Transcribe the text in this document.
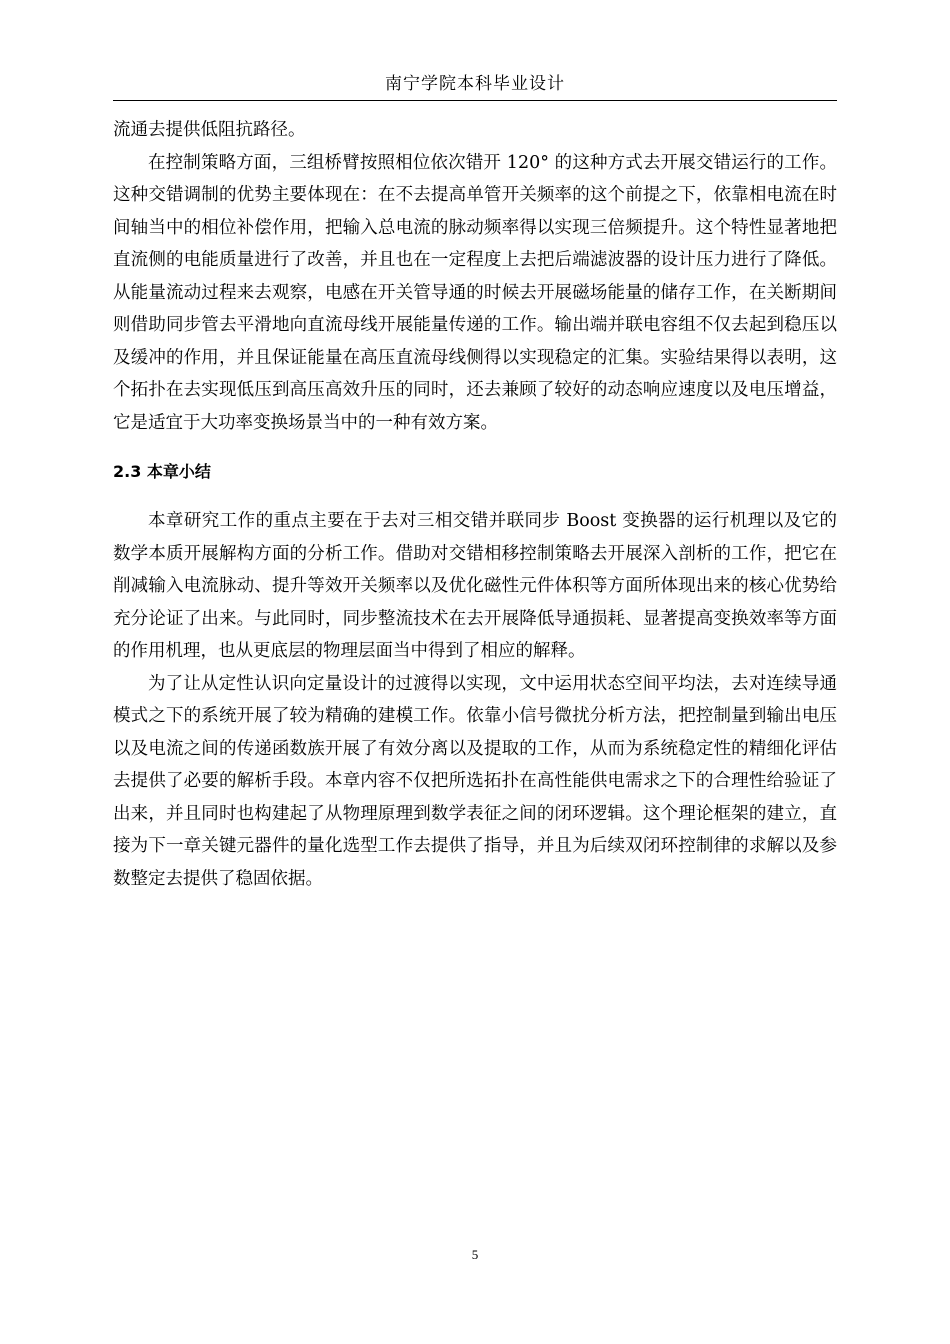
南宁学院本科毕业设计

流通去提供低阻抗路径。

在控制策略方面，三组桥臂按照相位依次错开 120° 的这种方式去开展交错运行的工作。这种交错调制的优势主要体现在：在不去提高单管开关频率的这个前提之下，依靠相电流在时间轴当中的相位补偿作用，把输入总电流的脉动频率得以实现三倍频提升。这个特性显著地把直流侧的电能质量进行了改善，并且也在一定程度上去把后端滤波器的设计压力进行了降低。从能量流动过程来去观察，电感在开关管导通的时候去开展磁场能量的储存工作，在关断期间则借助同步管去平滑地向直流母线开展能量传递的工作。输出端并联电容组不仅去起到稳压以及缓冲的作用，并且保证能量在高压直流母线侧得以实现稳定的汇集。实验结果得以表明，这个拓扑在去实现低压到高压高效升压的同时，还去兼顾了较好的动态响应速度以及电压增益，它是适宜于大功率变换场景当中的一种有效方案。

2.3 本章小结

本章研究工作的重点主要在于去对三相交错并联同步 Boost 变换器的运行机理以及它的数学本质开展解构方面的分析工作。借助对交错相移控制策略去开展深入剖析的工作，把它在削减输入电流脉动、提升等效开关频率以及优化磁性元件体积等方面所体现出来的核心优势给充分论证了出来。与此同时，同步整流技术在去开展降低导通损耗、显著提高变换效率等方面的作用机理，也从更底层的物理层面当中得到了相应的解释。

为了让从定性认识向定量设计的过渡得以实现，文中运用状态空间平均法，去对连续导通模式之下的系统开展了较为精确的建模工作。依靠小信号微扰分析方法，把控制量到输出电压以及电流之间的传递函数族开展了有效分离以及提取的工作，从而为系统稳定性的精细化评估去提供了必要的解析手段。本章内容不仅把所选拓扑在高性能供电需求之下的合理性给验证了出来，并且同时也构建起了从物理原理到数学表征之间的闭环逻辑。这个理论框架的建立，直接为下一章关键元器件的量化选型工作去提供了指导，并且为后续双闭环控制律的求解以及参数整定去提供了稳固依据。

5
